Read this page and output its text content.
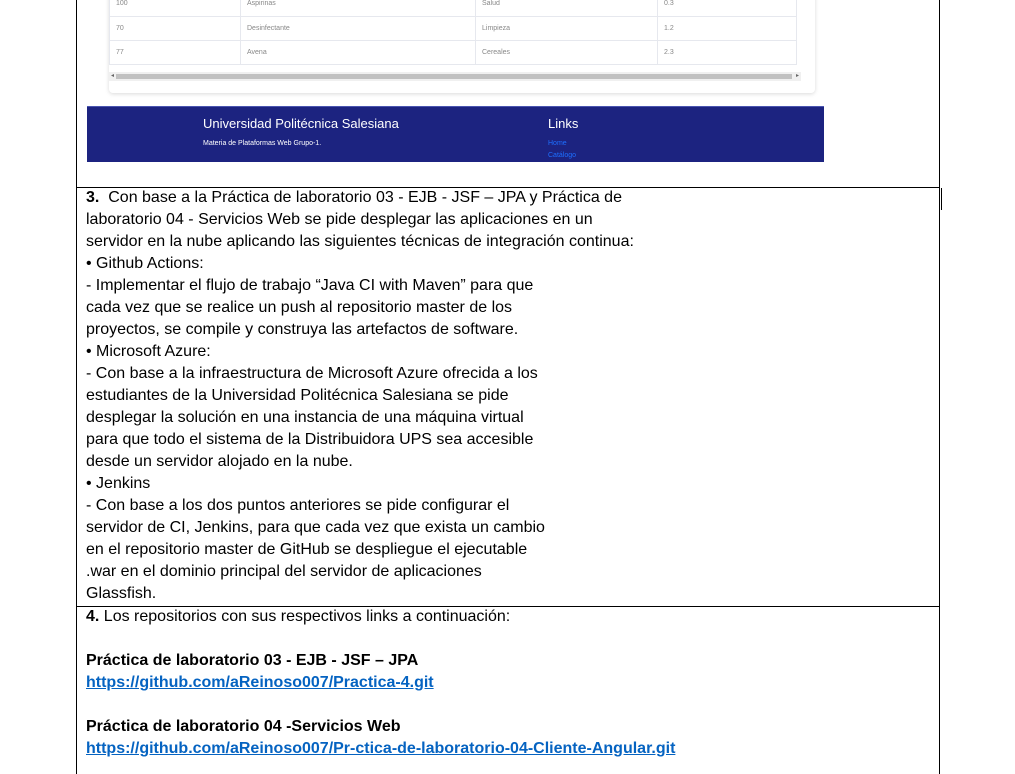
100	Aspirinas	Salud	0.3
70	Desinfectante	Limpieza	1.2
77	Avena	Cereales	2.3
◂	▸
Universidad Politécnica Salesiana
Materia de Plataformas Web Grupo-1.
Links
Home
Catálogo

3. Con base a la Práctica de laboratorio 03 - EJB - JSF – JPA y Práctica de

laboratorio 04 - Servicios Web se pide desplegar las aplicaciones en un

servidor en la nube aplicando las siguientes técnicas de integración continua:

• Github Actions:

- Implementar el flujo de trabajo “Java CI with Maven” para que

cada vez que se realice un push al repositorio master de los

proyectos, se compile y construya las artefactos de software.

• Microsoft Azure:

- Con base a la infraestructura de Microsoft Azure ofrecida a los

estudiantes de la Universidad Politécnica Salesiana se pide

desplegar la solución en una instancia de una máquina virtual

para que todo el sistema de la Distribuidora UPS sea accesible

desde un servidor alojado en la nube.

• Jenkins

- Con base a los dos puntos anteriores se pide configurar el

servidor de CI, Jenkins, para que cada vez que exista un cambio

en el repositorio master de GitHub se despliegue el ejecutable

.war en el dominio principal del servidor de aplicaciones

Glassfish.

4. Los repositorios con sus respectivos links a continuación:

Práctica de laboratorio 03 - EJB - JSF – JPA

https://github.com/aReinoso007/Practica-4.git

Práctica de laboratorio 04 -Servicios Web

https://github.com/aReinoso007/Pr-ctica-de-laboratorio-04-Cliente-Angular.git
